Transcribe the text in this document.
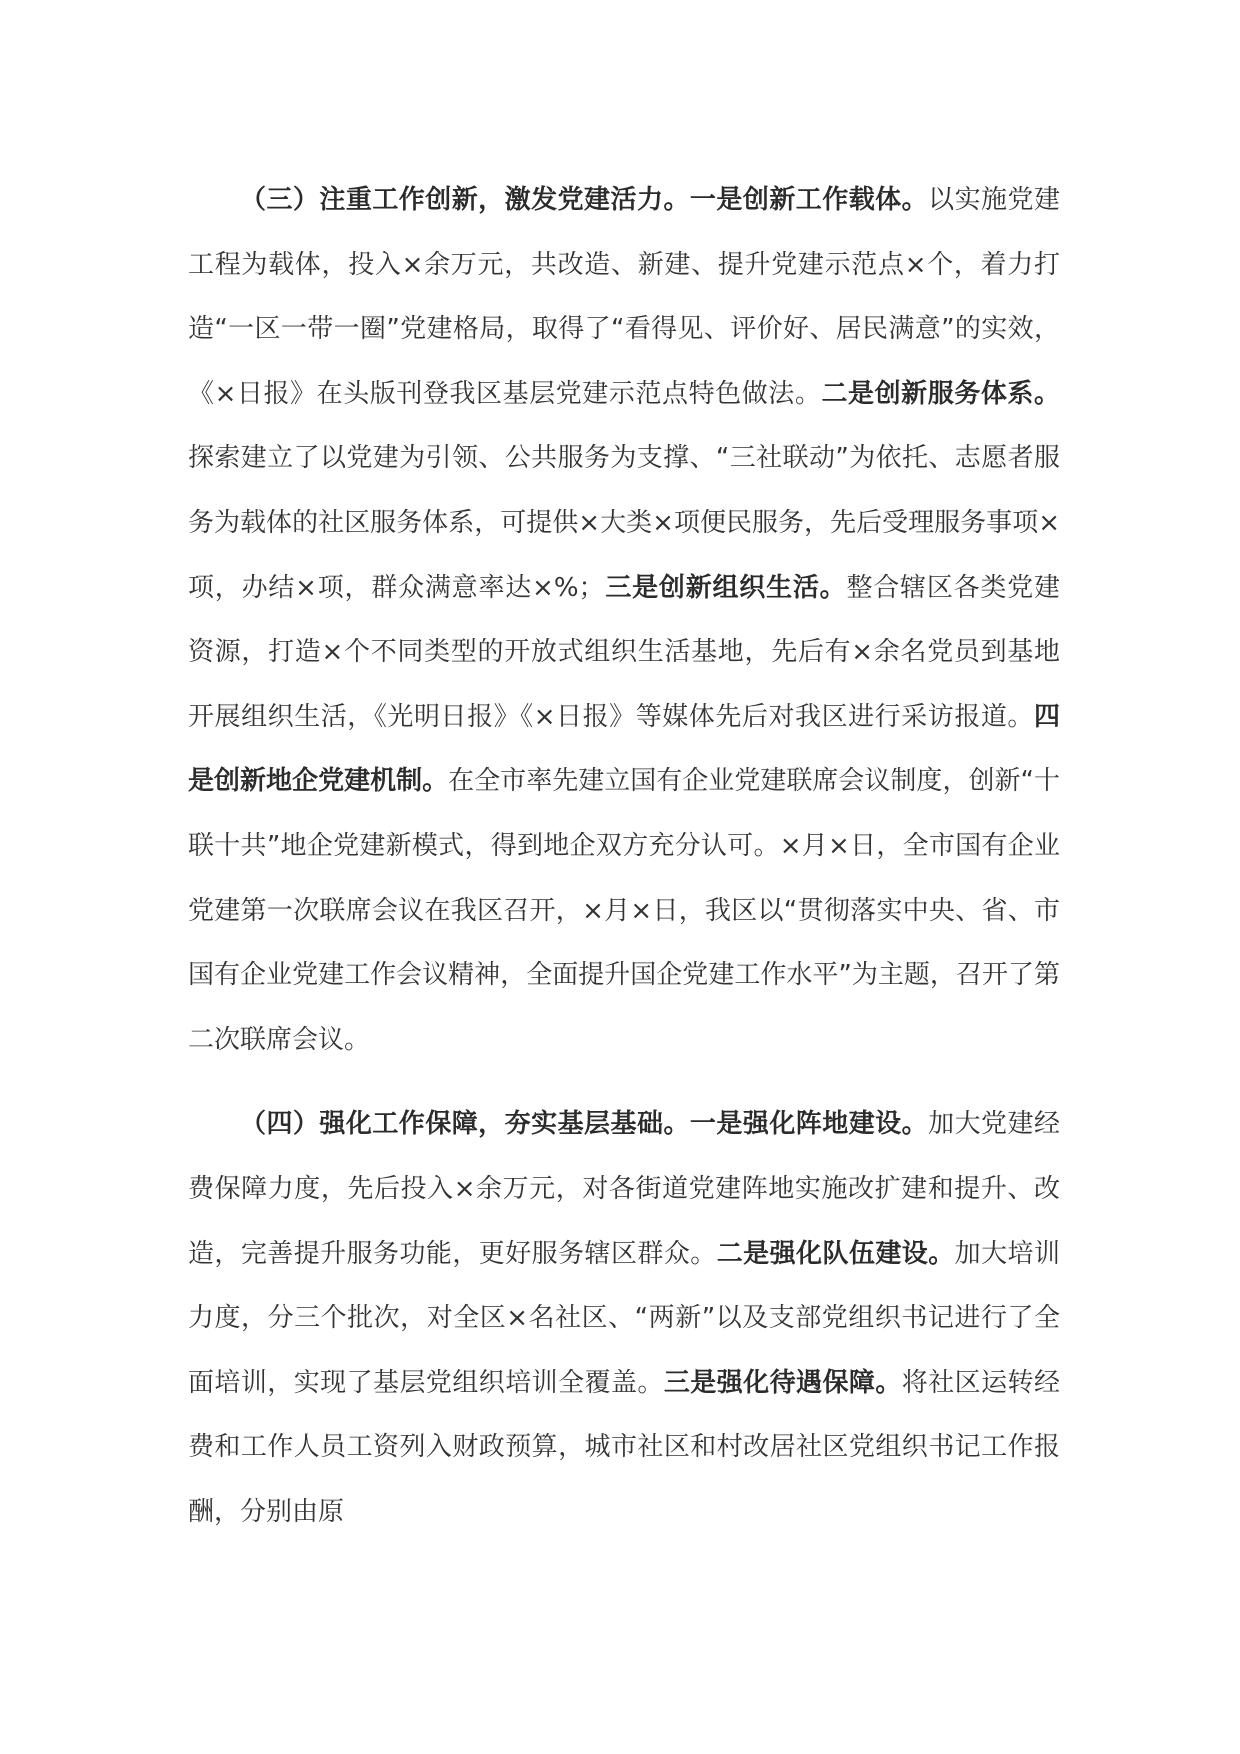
（三）注重工作创新，激发党建活力。一是创新工作载体。以实施党建工程为载体，投入×余万元，共改造、新建、提升党建示范点×个，着力打造“一区一带一圈”党建格局，取得了“看得见、评价好、居民满意”的实效，《×日报》在头版刊登我区基层党建示范点特色做法。二是创新服务体系。探索建立了以党建为引领、公共服务为支撑、“三社联动”为依托、志愿者服务为载体的社区服务体系，可提供×大类×项便民服务，先后受理服务事项×项，办结×项，群众满意率达×%；三是创新组织生活。整合辖区各类党建资源，打造×个不同类型的开放式组织生活基地，先后有×余名党员到基地开展组织生活，《光明日报》《×日报》等媒体先后对我区进行采访报道。四是创新地企党建机制。在全市率先建立国有企业党建联席会议制度，创新“十联十共”地企党建新模式，得到地企双方充分认可。×月×日，全市国有企业党建第一次联席会议在我区召开，×月×日，我区以“贯彻落实中央、省、市国有企业党建工作会议精神，全面提升国企党建工作水平”为主题，召开了第二次联席会议。

（四）强化工作保障，夯实基层基础。一是强化阵地建设。加大党建经费保障力度，先后投入×余万元，对各街道党建阵地实施改扩建和提升、改造，完善提升服务功能，更好服务辖区群众。二是强化队伍建设。加大培训力度，分三个批次，对全区×名社区、“两新”以及支部党组织书记进行了全面培训，实现了基层党组织培训全覆盖。三是强化待遇保障。将社区运转经费和工作人员工资列入财政预算，城市社区和村改居社区党组织书记工作报酬，分别由原
